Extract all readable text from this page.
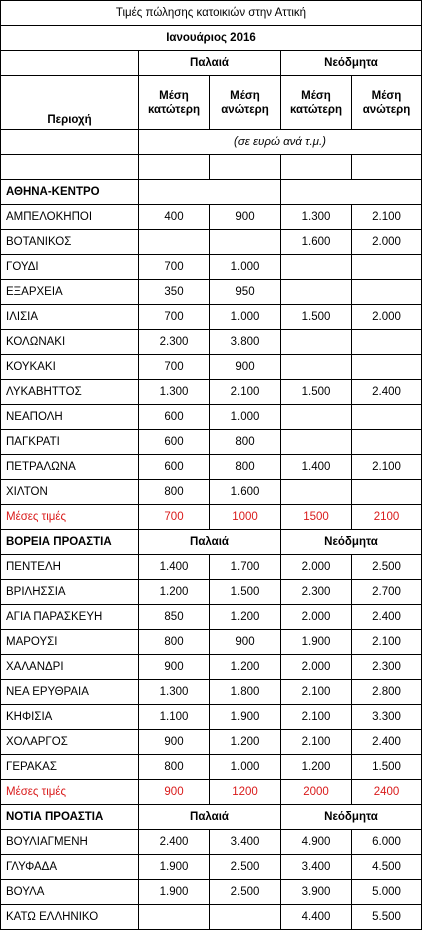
Τιμές πώλησης κατοικιών στην Αττική				
Ιανουάριος 2016				
	Παλαιά		Νεόδμητα	
Περιοχή	Μέση κατώτερη	Μέση ανώτερη	Μέση κατώτερη	Μέση ανώτερη
	(σε ευρώ ανά τ.μ.)			

ΑΘΗΝΑ-ΚΕΝΤΡΟ				
ΑΜΠΕΛΟΚΗΠΟΙ	400	900	1.300	2.100
ΒΟΤΑΝΙΚΟΣ			1.600	2.000
ΓΟΥΔΙ	700	1.000		
ΕΞΑΡΧΕΙΑ	350	950		
ΙΛΙΣΙΑ	700	1.000	1.500	2.000
ΚΟΛΩΝΑΚΙ	2.300	3.800		
ΚΟΥΚΑΚΙ	700	900		
ΛΥΚΑΒΗΤΤΟΣ	1.300	2.100	1.500	2.400
ΝΕΑΠΟΛΗ	600	1.000		
ΠΑΓΚΡΑΤΙ	600	800		
ΠΕΤΡΑΛΩΝΑ	600	800	1.400	2.100
ΧΙΛΤΟΝ	800	1.600		
Μέσες τιμές	700	1000	1500	2100
ΒΟΡΕΙΑ ΠΡΟΑΣΤΙΑ	Παλαιά		Νεόδμητα	
ΠΕΝΤΕΛΗ	1.400	1.700	2.000	2.500
ΒΡΙΛΗΣΣΙΑ	1.200	1.500	2.300	2.700
ΑΓΙΑ ΠΑΡΑΣΚΕΥΗ	850	1.200	2.000	2.400
ΜΑΡΟΥΣΙ	800	900	1.900	2.100
ΧΑΛΑΝΔΡΙ	900	1.200	2.000	2.300
ΝΕΑ ΕΡΥΘΡΑΙΑ	1.300	1.800	2.100	2.800
ΚΗΦΙΣΙΑ	1.100	1.900	2.100	3.300
ΧΟΛΑΡΓΟΣ	900	1.200	2.100	2.400
ΓΕΡΑΚΑΣ	800	1.000	1.200	1.500
Μέσες τιμές	900	1200	2000	2400
ΝΟΤΙΑ ΠΡΟΑΣΤΙΑ	Παλαιά		Νεόδμητα	
ΒΟΥΛΙΑΓΜΕΝΗ	2.400	3.400	4.900	6.000
ΓΛΥΦΑΔΑ	1.900	2.500	3.400	4.500
ΒΟΥΛΑ	1.900	2.500	3.900	5.000
ΚΑΤΩ ΕΛΛΗΝΙΚΟ			4.400	5.500
